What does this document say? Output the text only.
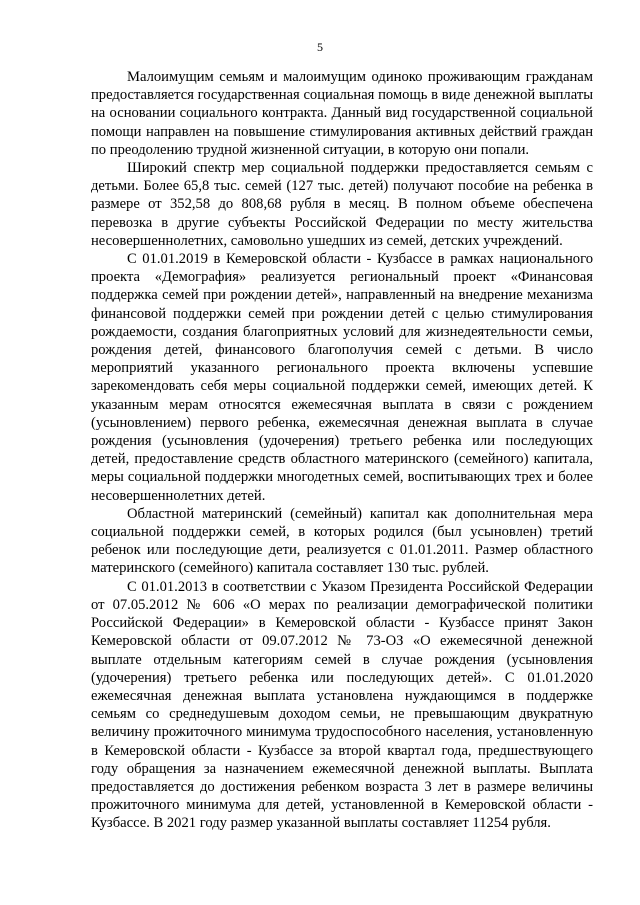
5

Малоимущим семьям и малоимущим одиноко проживающим гражданам предоставляется государственная социальная помощь в виде денежной выплаты на основании социального контракта. Данный вид государственной социальной помощи направлен на повышение стимулирования активных действий граждан по преодолению трудной жизненной ситуации, в которую они попали.

Широкий спектр мер социальной поддержки предоставляется семьям с детьми. Более 65,8 тыс. семей (127 тыс. детей) получают пособие на ребенка в размере от 352,58 до 808,68 рубля в месяц. В полном объеме обеспечена перевозка в другие субъекты Российской Федерации по месту жительства несовершеннолетних, самовольно ушедших из семей, детских учреждений.

С 01.01.2019 в Кемеровской области - Кузбассе в рамках национального проекта «Демография» реализуется региональный проект «Финансовая поддержка семей при рождении детей», направленный на внедрение механизма финансовой поддержки семей при рождении детей с целью стимулирования рождаемости, создания благоприятных условий для жизнедеятельности семьи, рождения детей, финансового благополучия семей с детьми. В число мероприятий указанного регионального проекта включены успевшие зарекомендовать себя меры социальной поддержки семей, имеющих детей. К указанным мерам относятся ежемесячная выплата в связи с рождением (усыновлением) первого ребенка, ежемесячная денежная выплата в случае рождения (усыновления (удочерения) третьего ребенка или последующих детей, предоставление средств областного материнского (семейного) капитала, меры социальной поддержки многодетных семей, воспитывающих трех и более несовершеннолетних детей.

Областной материнский (семейный) капитал как дополнительная мера социальной поддержки семей, в которых родился (был усыновлен) третий ребенок или последующие дети, реализуется с 01.01.2011. Размер областного материнского (семейного) капитала составляет 130 тыс. рублей.

С 01.01.2013 в соответствии с Указом Президента Российской Федерации от 07.05.2012 № 606 «О мерах по реализации демографической политики Российской Федерации» в Кемеровской области - Кузбассе принят Закон Кемеровской области от 09.07.2012 № 73-ОЗ «О ежемесячной денежной выплате отдельным категориям семей в случае рождения (усыновления (удочерения) третьего ребенка или последующих детей». С 01.01.2020 ежемесячная денежная выплата установлена нуждающимся в поддержке семьям со среднедушевым доходом семьи, не превышающим двукратную величину прожиточного минимума трудоспособного населения, установленную в Кемеровской области - Кузбассе за второй квартал года, предшествующего году обращения за назначением ежемесячной денежной выплаты. Выплата предоставляется до достижения ребенком возраста 3 лет в размере величины прожиточного минимума для детей, установленной в Кемеровской области - Кузбассе. В 2021 году размер указанной выплаты составляет 11254 рубля.
